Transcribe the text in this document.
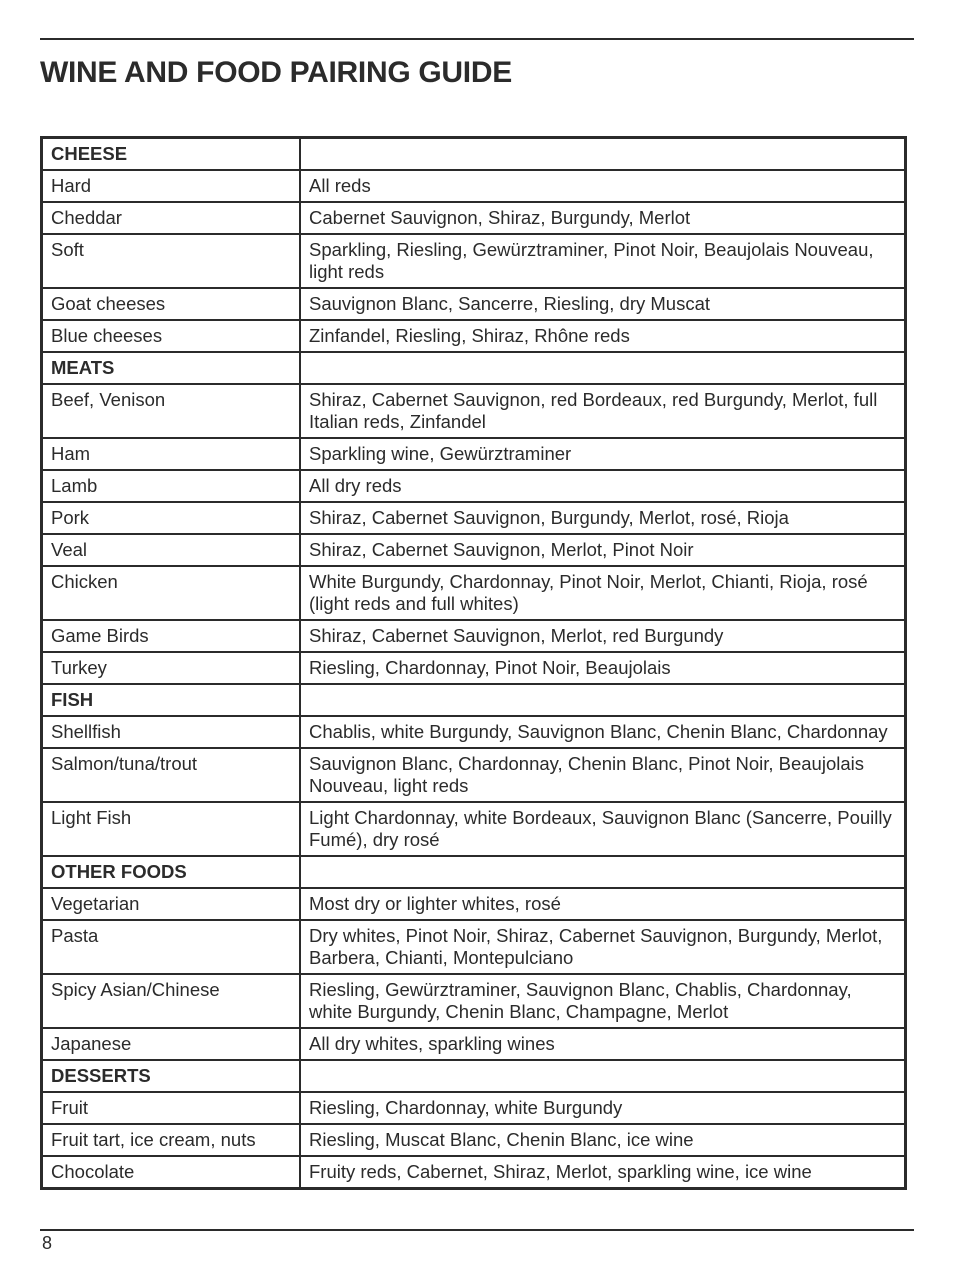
WINE AND FOOD PAIRING GUIDE
CHEESE	
Hard	All reds
Cheddar	Cabernet Sauvignon, Shiraz, Burgundy, Merlot
Soft	Sparkling, Riesling, Gewürztraminer, Pinot Noir, Beaujolais Nouveau, light reds
Goat cheeses	Sauvignon Blanc, Sancerre, Riesling, dry Muscat
Blue cheeses	Zinfandel, Riesling, Shiraz, Rhône reds
MEATS	
Beef, Venison	Shiraz, Cabernet Sauvignon, red Bordeaux, red Burgundy, Merlot, full Italian reds, Zinfandel
Ham	Sparkling wine, Gewürztraminer
Lamb	All dry reds
Pork	Shiraz, Cabernet Sauvignon, Burgundy, Merlot, rosé, Rioja
Veal	Shiraz, Cabernet Sauvignon, Merlot, Pinot Noir
Chicken	White Burgundy, Chardonnay, Pinot Noir, Merlot, Chianti, Rioja, rosé (light reds and full whites)
Game Birds	Shiraz, Cabernet Sauvignon, Merlot, red Burgundy
Turkey	Riesling, Chardonnay, Pinot Noir, Beaujolais
FISH	
Shellfish	Chablis, white Burgundy, Sauvignon Blanc, Chenin Blanc, Chardonnay
Salmon/tuna/trout	Sauvignon Blanc, Chardonnay, Chenin Blanc, Pinot Noir, Beaujolais Nouveau, light reds
Light Fish	Light Chardonnay, white Bordeaux, Sauvignon Blanc (Sancerre, Pouilly Fumé), dry rosé
OTHER FOODS	
Vegetarian	Most dry or lighter whites, rosé
Pasta	Dry whites, Pinot Noir, Shiraz, Cabernet Sauvignon, Burgundy, Merlot, Barbera, Chianti, Montepulciano
Spicy Asian/Chinese	Riesling, Gewürztraminer, Sauvignon Blanc, Chablis, Chardonnay, white Burgundy, Chenin Blanc, Champagne, Merlot
Japanese	All dry whites, sparkling wines
DESSERTS	
Fruit	Riesling, Chardonnay, white Burgundy
Fruit tart, ice cream, nuts	Riesling, Muscat Blanc, Chenin Blanc, ice wine
Chocolate	Fruity reds, Cabernet, Shiraz, Merlot, sparkling wine, ice wine
8
